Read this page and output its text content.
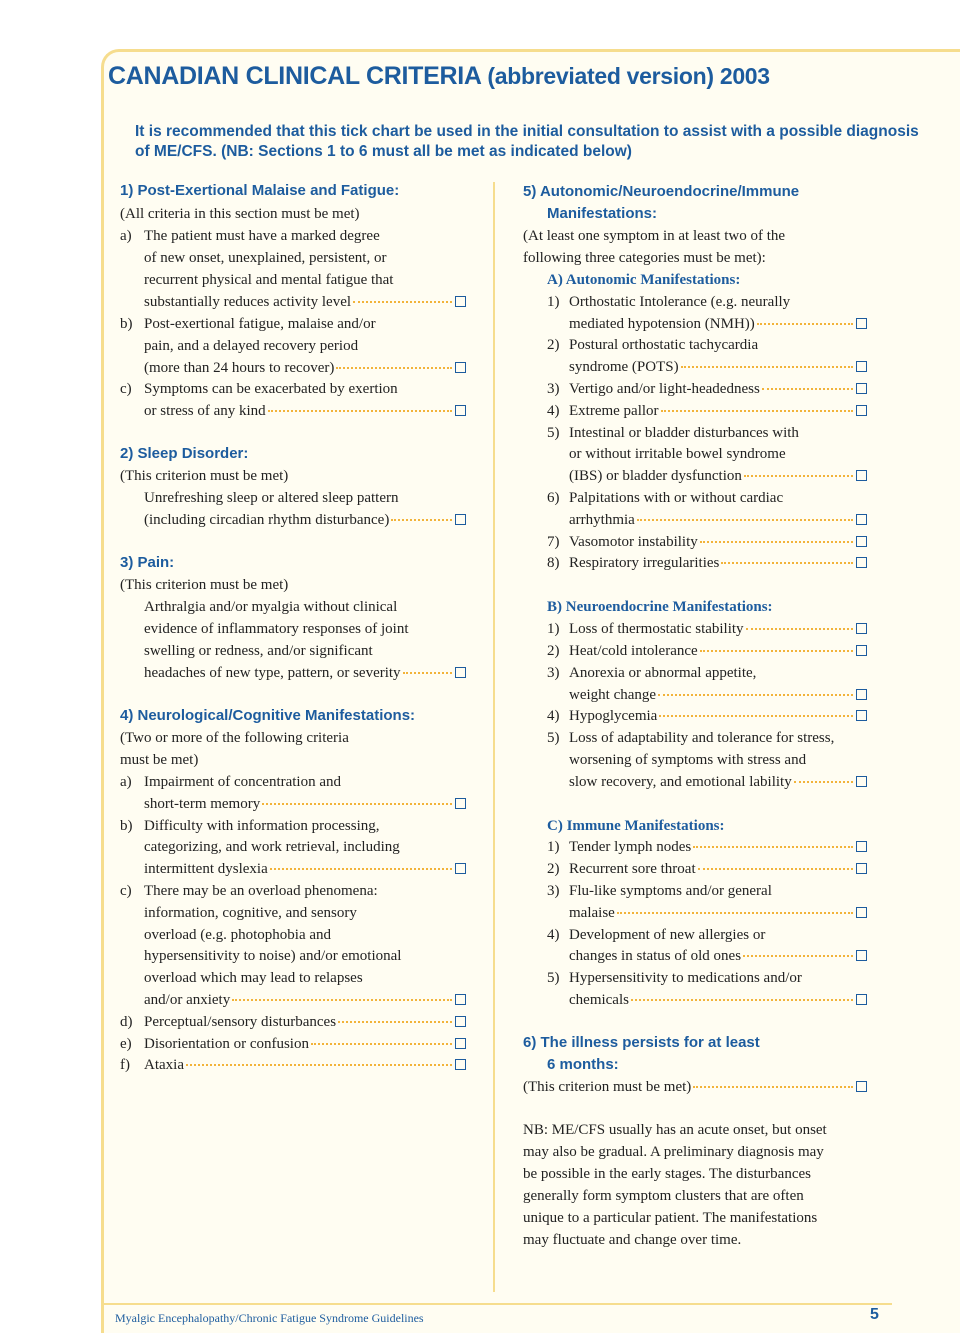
CANADIAN CLINICAL CRITERIA (abbreviated version) 2003
It is recommended that this tick chart be used in the initial consultation to assist with a possible diagnosis of ME/CFS. (NB: Sections 1 to 6 must all be met as indicated below)
1) Post-Exertional Malaise and Fatigue:
(All criteria in this section must be met)
a) The patient must have a marked degree
of new onset, unexplained, persistent, or
recurrent physical and mental fatigue that
substantially reduces activity level
b) Post-exertional fatigue, malaise and/or
pain, and a delayed recovery period
(more than 24 hours to recover)
c) Symptoms can be exacerbated by exertion
or stress of any kind
2) Sleep Disorder:
(This criterion must be met)
Unrefreshing sleep or altered sleep pattern
(including circadian rhythm disturbance)
3) Pain:
(This criterion must be met)
Arthralgia and/or myalgia without clinical
evidence of inflammatory responses of joint
swelling or redness, and/or significant
headaches of new type, pattern, or severity
4) Neurological/Cognitive Manifestations:
(Two or more of the following criteria
must be met)
a) Impairment of concentration and
short-term memory
b) Difficulty with information processing,
categorizing, and work retrieval, including
intermittent dyslexia
c) There may be an overload phenomena:
information, cognitive, and sensory
overload (e.g. photophobia and
hypersensitivity to noise) and/or emotional
overload which may lead to relapses
and/or anxiety
d) Perceptual/sensory disturbances
e) Disorientation or confusion
f) Ataxia
5) Autonomic/Neuroendocrine/Immune
Manifestations:
(At least one symptom in at least two of the
following three categories must be met):
A) Autonomic Manifestations:
1) Orthostatic Intolerance (e.g. neurally
mediated hypotension (NMH))
2) Postural orthostatic tachycardia
syndrome (POTS)
3) Vertigo and/or light-headedness
4) Extreme pallor
5) Intestinal or bladder disturbances with
or without irritable bowel syndrome
(IBS) or bladder dysfunction
6) Palpitations with or without cardiac
arrhythmia
7) Vasomotor instability
8) Respiratory irregularities
B) Neuroendocrine Manifestations:
1) Loss of thermostatic stability
2) Heat/cold intolerance
3) Anorexia or abnormal appetite,
weight change
4) Hypoglycemia
5) Loss of adaptability and tolerance for stress,
worsening of symptoms with stress and
slow recovery, and emotional lability
C) Immune Manifestations:
1) Tender lymph nodes
2) Recurrent sore throat
3) Flu-like symptoms and/or general
malaise
4) Development of new allergies or
changes in status of old ones
5) Hypersensitivity to medications and/or
chemicals
6) The illness persists for at least
6 months:
(This criterion must be met)
NB: ME/CFS usually has an acute onset, but onset
may also be gradual. A preliminary diagnosis may
be possible in the early stages. The disturbances
generally form symptom clusters that are often
unique to a particular patient. The manifestations
may fluctuate and change over time.
Myalgic Encephalopathy/Chronic Fatigue Syndrome Guidelines	5
